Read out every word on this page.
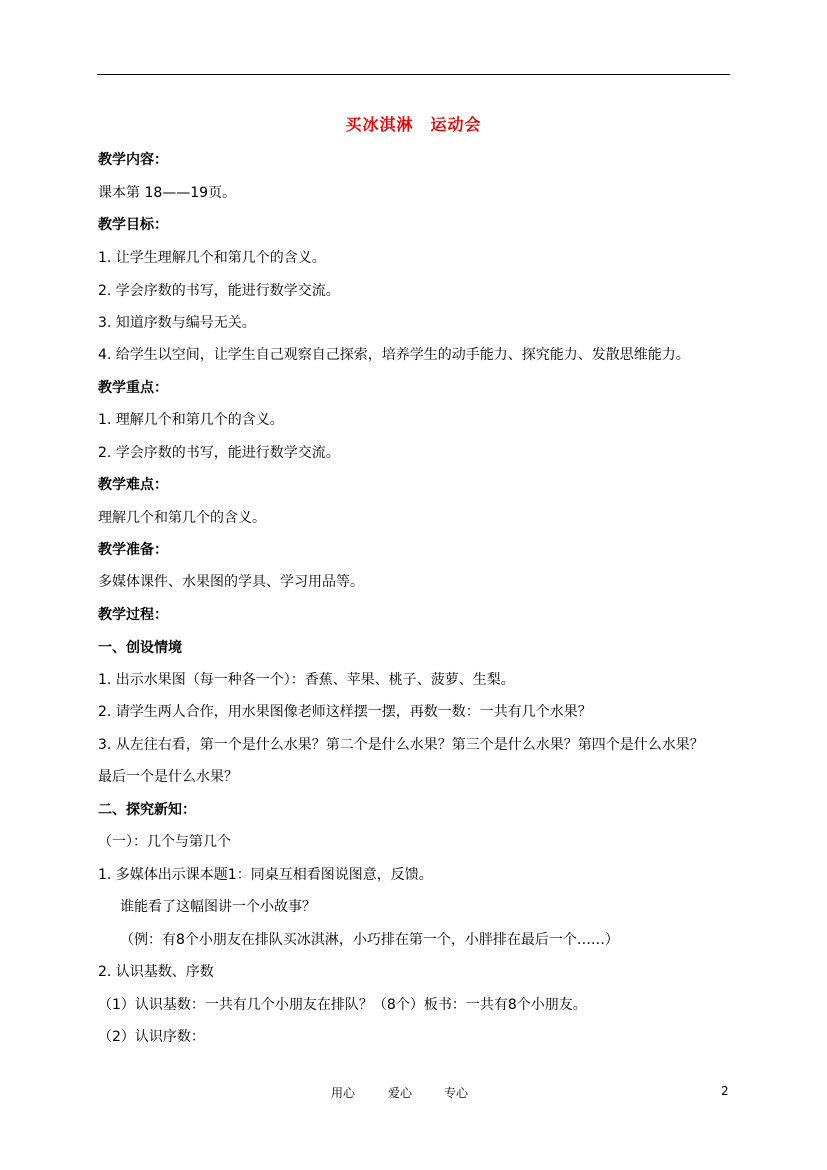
买冰淇淋　运动会
教学内容：
课本第 18——19页。
教学目标：
1. 让学生理解几个和第几个的含义。
2. 学会序数的书写，能进行数学交流。
3. 知道序数与编号无关。
4. 给学生以空间，让学生自己观察自己探索，培养学生的动手能力、探究能力、发散思维能力。
教学重点：
1. 理解几个和第几个的含义。
2. 学会序数的书写，能进行数学交流。
教学难点：
理解几个和第几个的含义。
教学准备：
多媒体课件、水果图的学具、学习用品等。
教学过程：
一、创设情境
1. 出示水果图（每一种各一个）：香蕉、苹果、桃子、菠萝、生梨。
2. 请学生两人合作，用水果图像老师这样摆一摆，再数一数：一共有几个水果？
3. 从左往右看，第一个是什么水果？第二个是什么水果？第三个是什么水果？第四个是什么水果？
最后一个是什么水果？
二、探究新知：
（一）：几个与第几个
1. 多媒体出示课本题1：同桌互相看图说图意，反馈。
谁能看了这幅图讲一个小故事？
（例：有8个小朋友在排队买冰淇淋，小巧排在第一个，小胖排在最后一个……）
2. 认识基数、序数
（1）认识基数：一共有几个小朋友在排队？（8个）板书：一共有8个小朋友。
（2）认识序数：
用心	爱心	专心	2
